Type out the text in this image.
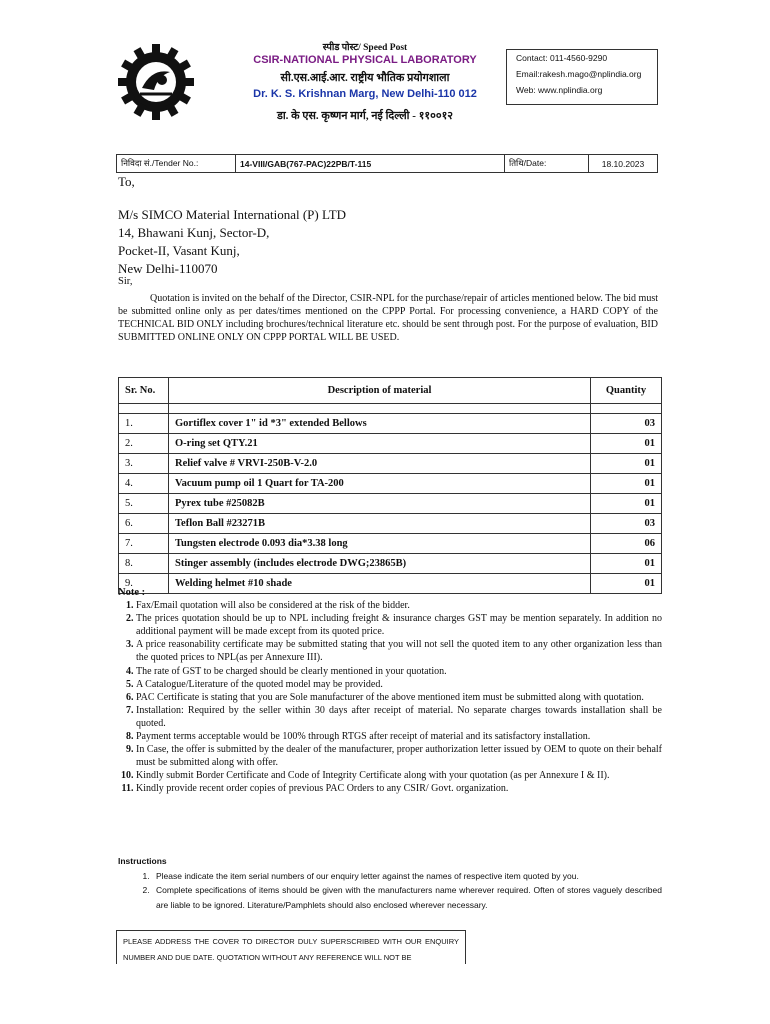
स्पीड पोस्ट/ Speed Post
CSIR-NATIONAL PHYSICAL LABORATORY
सी.एस.आई.आर. राष्ट्रीय भौतिक प्रयोगशाला
Dr. K. S. Krishnan Marg, New Delhi-110 012
डा. के एस. कृष्णन मार्ग, नई दिल्ली - ११००१२
Contact: 011-4560-9290
Email:rakesh.mago@nplindia.org
Web: www.nplindia.org
निविदा सं./Tender No.:	14-VIII/GAB(767-PAC)22PB/T-115	तिथि/Date:	18.10.2023
To,
M/s SIMCO Material International (P) LTD
14, Bhawani Kunj, Sector-D,
Pocket-II, Vasant Kunj,
New Delhi-110070
Sir,
Quotation is invited on the behalf of the Director, CSIR-NPL for the purchase/repair of articles mentioned below. The bid must be submitted online only as per dates/times mentioned on the CPPP Portal. For processing convenience, a HARD COPY of the TECHNICAL BID ONLY including brochures/technical literature etc. should be sent through post. For the purpose of evaluation, BID SUBMITTED ONLINE ONLY ON CPPP PORTAL WILL BE USED.
Sr. No.	Description of material	Quantity

1.	Gortiflex cover 1" id *3" extended Bellows	03
2.	O-ring set QTY.21	01
3.	Relief valve # VRVI-250B-V-2.0	01
4.	Vacuum pump oil 1 Quart for TA-200	01
5.	Pyrex tube #25082B	01
6.	Teflon Ball #23271B	03
7.	Tungsten electrode 0.093 dia*3.38 long	06
8.	Stinger assembly (includes electrode DWG;23865B)	01
9.	Welding helmet #10 shade	01
Note :
1. Fax/Email quotation will also be considered at the risk of the bidder.
2. The prices quotation should be up to NPL including freight & insurance charges GST may be mention separately. In addition no additional payment will be made except from its quoted price.
3. A price reasonability certificate may be submitted stating that you will not sell the quoted item to any other organization less than the quoted prices to NPL(as per Annexure III).
4. The rate of GST to be charged should be clearly mentioned in your quotation.
5. A Catalogue/Literature of the quoted model may be provided.
6. PAC Certificate is stating that you are Sole manufacturer of the above mentioned item must be submitted along with quotation.
7. Installation: Required by the seller within 30 days after receipt of material. No separate charges towards installation shall be quoted.
8. Payment terms acceptable would be 100% through RTGS after receipt of material and its satisfactory installation.
9. In Case, the offer is submitted by the dealer of the manufacturer, proper authorization letter issued by OEM to quote on their behalf must be submitted along with offer.
10. Kindly submit Border Certificate and Code of Integrity Certificate along with your quotation (as per Annexure I & II).
11. Kindly provide recent order copies of previous PAC Orders to any CSIR/ Govt. organization.
Instructions
1. Please indicate the item serial numbers of our enquiry letter against the names of respective item quoted by you.
2. Complete specifications of items should be given with the manufacturers name wherever required. Often of stores vaguely described are liable to be ignored. Literature/Pamphlets should also enclosed wherever necessary.
PLEASE ADDRESS THE COVER TO DIRECTOR DULY SUPERSCRIBED WITH OUR ENQUIRY NUMBER AND DUE DATE. QUOTATION WITHOUT ANY REFERENCE WILL NOT BE
